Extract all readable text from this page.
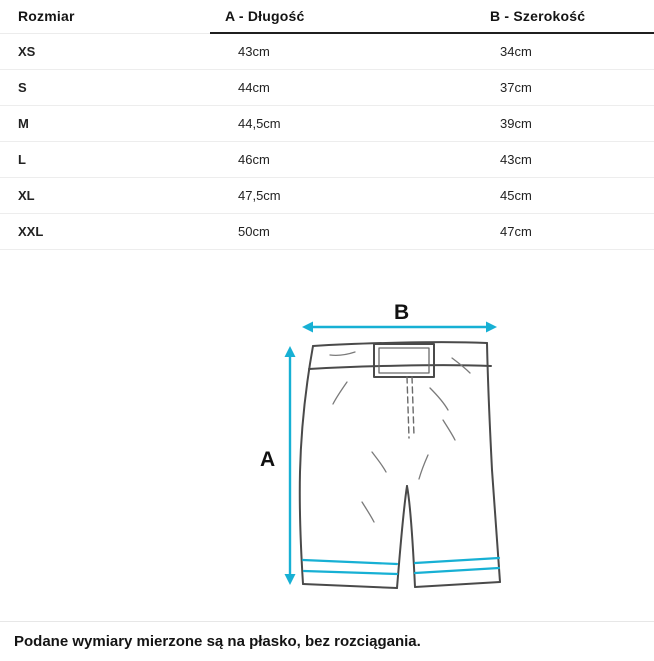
Rozmiar	A - Długość	B - Szerokość
XS	43cm	34cm
S	44cm	37cm
M	44,5cm	39cm
L	46cm	43cm
XL	47,5cm	45cm
XXL	50cm	47cm
B
A
Podane wymiary mierzone są na płasko, bez rozciągania.
